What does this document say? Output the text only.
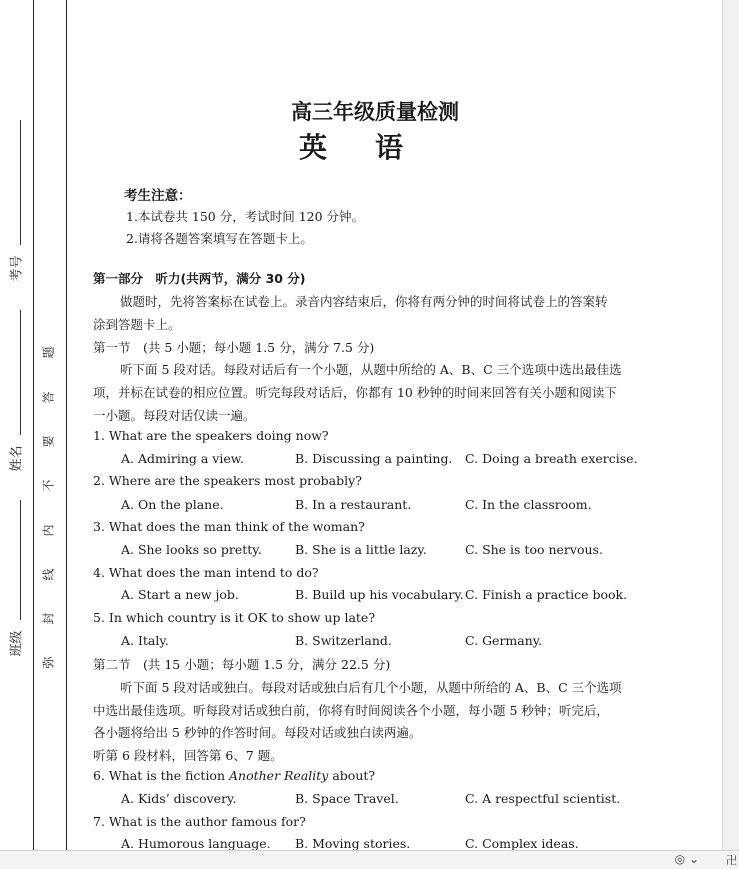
考号
姓名
班级
题
答
要
不
内
线
封
弥
高三年级质量检测
英语
考生注意：
1.本试卷共 150 分，考试时间 120 分钟。
2.请将各题答案填写在答题卡上。
第一部分　听力(共两节，满分 30 分)
做题时，先将答案标在试卷上。录音内容结束后，你将有两分钟的时间将试卷上的答案转
涂到答题卡上。
第一节　(共 5 小题；每小题 1.5 分，满分 7.5 分)
听下面 5 段对话。每段对话后有一个小题，从题中所给的 A、B、C 三个选项中选出最佳选
项，并标在试卷的相应位置。听完每段对话后，你都有 10 秒钟的时间来回答有关小题和阅读下
一小题。每段对话仅读一遍。
1. What are the speakers doing now?
A. Admiring a view.	B. Discussing a painting. C. Doing a breath exercise.
2. Where are the speakers most probably?
A. On the plane.	B. In a restaurant.	C. In the classroom.
3. What does the man think of the woman?
A. She looks so pretty.	B. She is a little lazy.	C. She is too nervous.
4. What does the man intend to do?
A. Start a new job.	B. Build up his vocabulary. C. Finish a practice book.
5. In which country is it OK to show up late?
A. Italy.	B. Switzerland.	C. Germany.
第二节　(共 15 小题；每小题 1.5 分，满分 22.5 分)
听下面 5 段对话或独白。每段对话或独白后有几个小题，从题中所给的 A、B、C 三个选项
中选出最佳选项。听每段对话或独白前，你将有时间阅读各个小题，每小题 5 秒钟；听完后，
各小题将给出 5 秒钟的作答时间。每段对话或独白读两遍。
听第 6 段材料，回答第 6、7 题。
6. What is the fiction Another Reality about?
A. Kids’ discovery.	B. Space Travel.	C. A respectful scientist.
7. What is the author famous for?
A. Humorous language. B. Moving stories.	C. Complex ideas.
◎ ⌄ 卍
